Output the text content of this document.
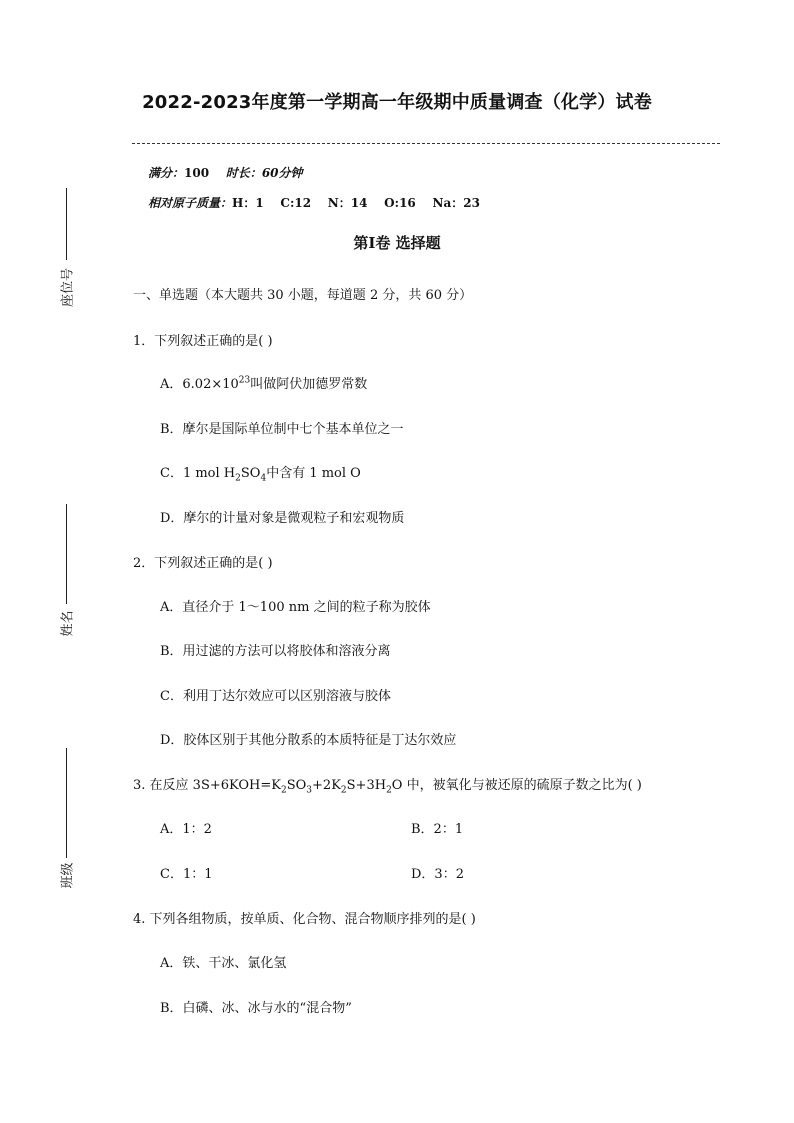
2022-2023年度第一学期高一年级期中质量调查（化学）试卷
满分：100 时长：60分钟
相对原子质量：H：1    C:12    N：14    O:16    Na：23
第Ⅰ卷 选择题
一、单选题（本大题共 30 小题，每道题 2 分，共 60 分）
座位号
姓名
班级
1．下列叙述正确的是( )
A．$6.02\times 10^{23}$叫做阿伏加德罗常数
B．摩尔是国际单位制中七个基本单位之一
C．1 mol $H_2SO_4$中含有 1 mol O
D．摩尔的计量对象是微观粒子和宏观物质
2．下列叙述正确的是( )
A．直径介于 1～100 nm 之间的粒子称为胶体
B．用过滤的方法可以将胶体和溶液分离
C．利用丁达尔效应可以区别溶液与胶体
D．胶体区别于其他分散系的本质特征是丁达尔效应
3. 在反应 $3S+6KOH=K_2SO_3+2K_2S+3H_2O$ 中，被氧化与被还原的硫原子数之比为( )
A．1：2	B．2：1
C．1：1	D．3：2
4. 下列各组物质，按单质、化合物、混合物顺序排列的是( )
A．铁、干冰、氯化氢
B．白磷、冰、冰与水的“混合物”
